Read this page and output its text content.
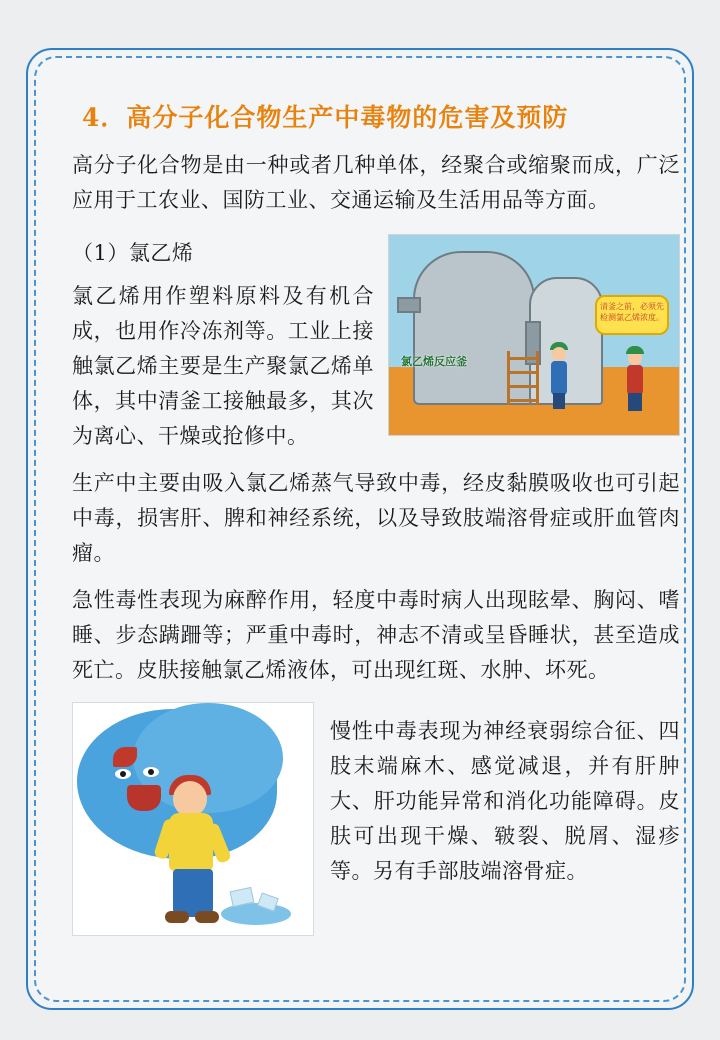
4．高分子化合物生产中毒物的危害及预防

高分子化合物是由一种或者几种单体，经聚合或缩聚而成，广泛应用于工农业、国防工业、交通运输及生活用品等方面。

氯乙烯反应釜
清釜之前，必须先检测氯乙烯浓度。
（1）氯乙烯

氯乙烯用作塑料原料及有机合成，也用作冷冻剂等。工业上接触氯乙烯主要是生产聚氯乙烯单体，其中清釜工接触最多，其次为离心、干燥或抢修中。

生产中主要由吸入氯乙烯蒸气导致中毒，经皮黏膜吸收也可引起中毒，损害肝、脾和神经系统，以及导致肢端溶骨症或肝血管肉瘤。

急性毒性表现为麻醉作用，轻度中毒时病人出现眩晕、胸闷、嗜睡、步态蹒跚等；严重中毒时，神志不清或呈昏睡状，甚至造成死亡。皮肤接触氯乙烯液体，可出现红斑、水肿、坏死。

慢性中毒表现为神经衰弱综合征、四肢末端麻木、感觉减退，并有肝肿大、肝功能异常和消化功能障碍。皮肤可出现干燥、皲裂、脱屑、湿疹等。另有手部肢端溶骨症。
